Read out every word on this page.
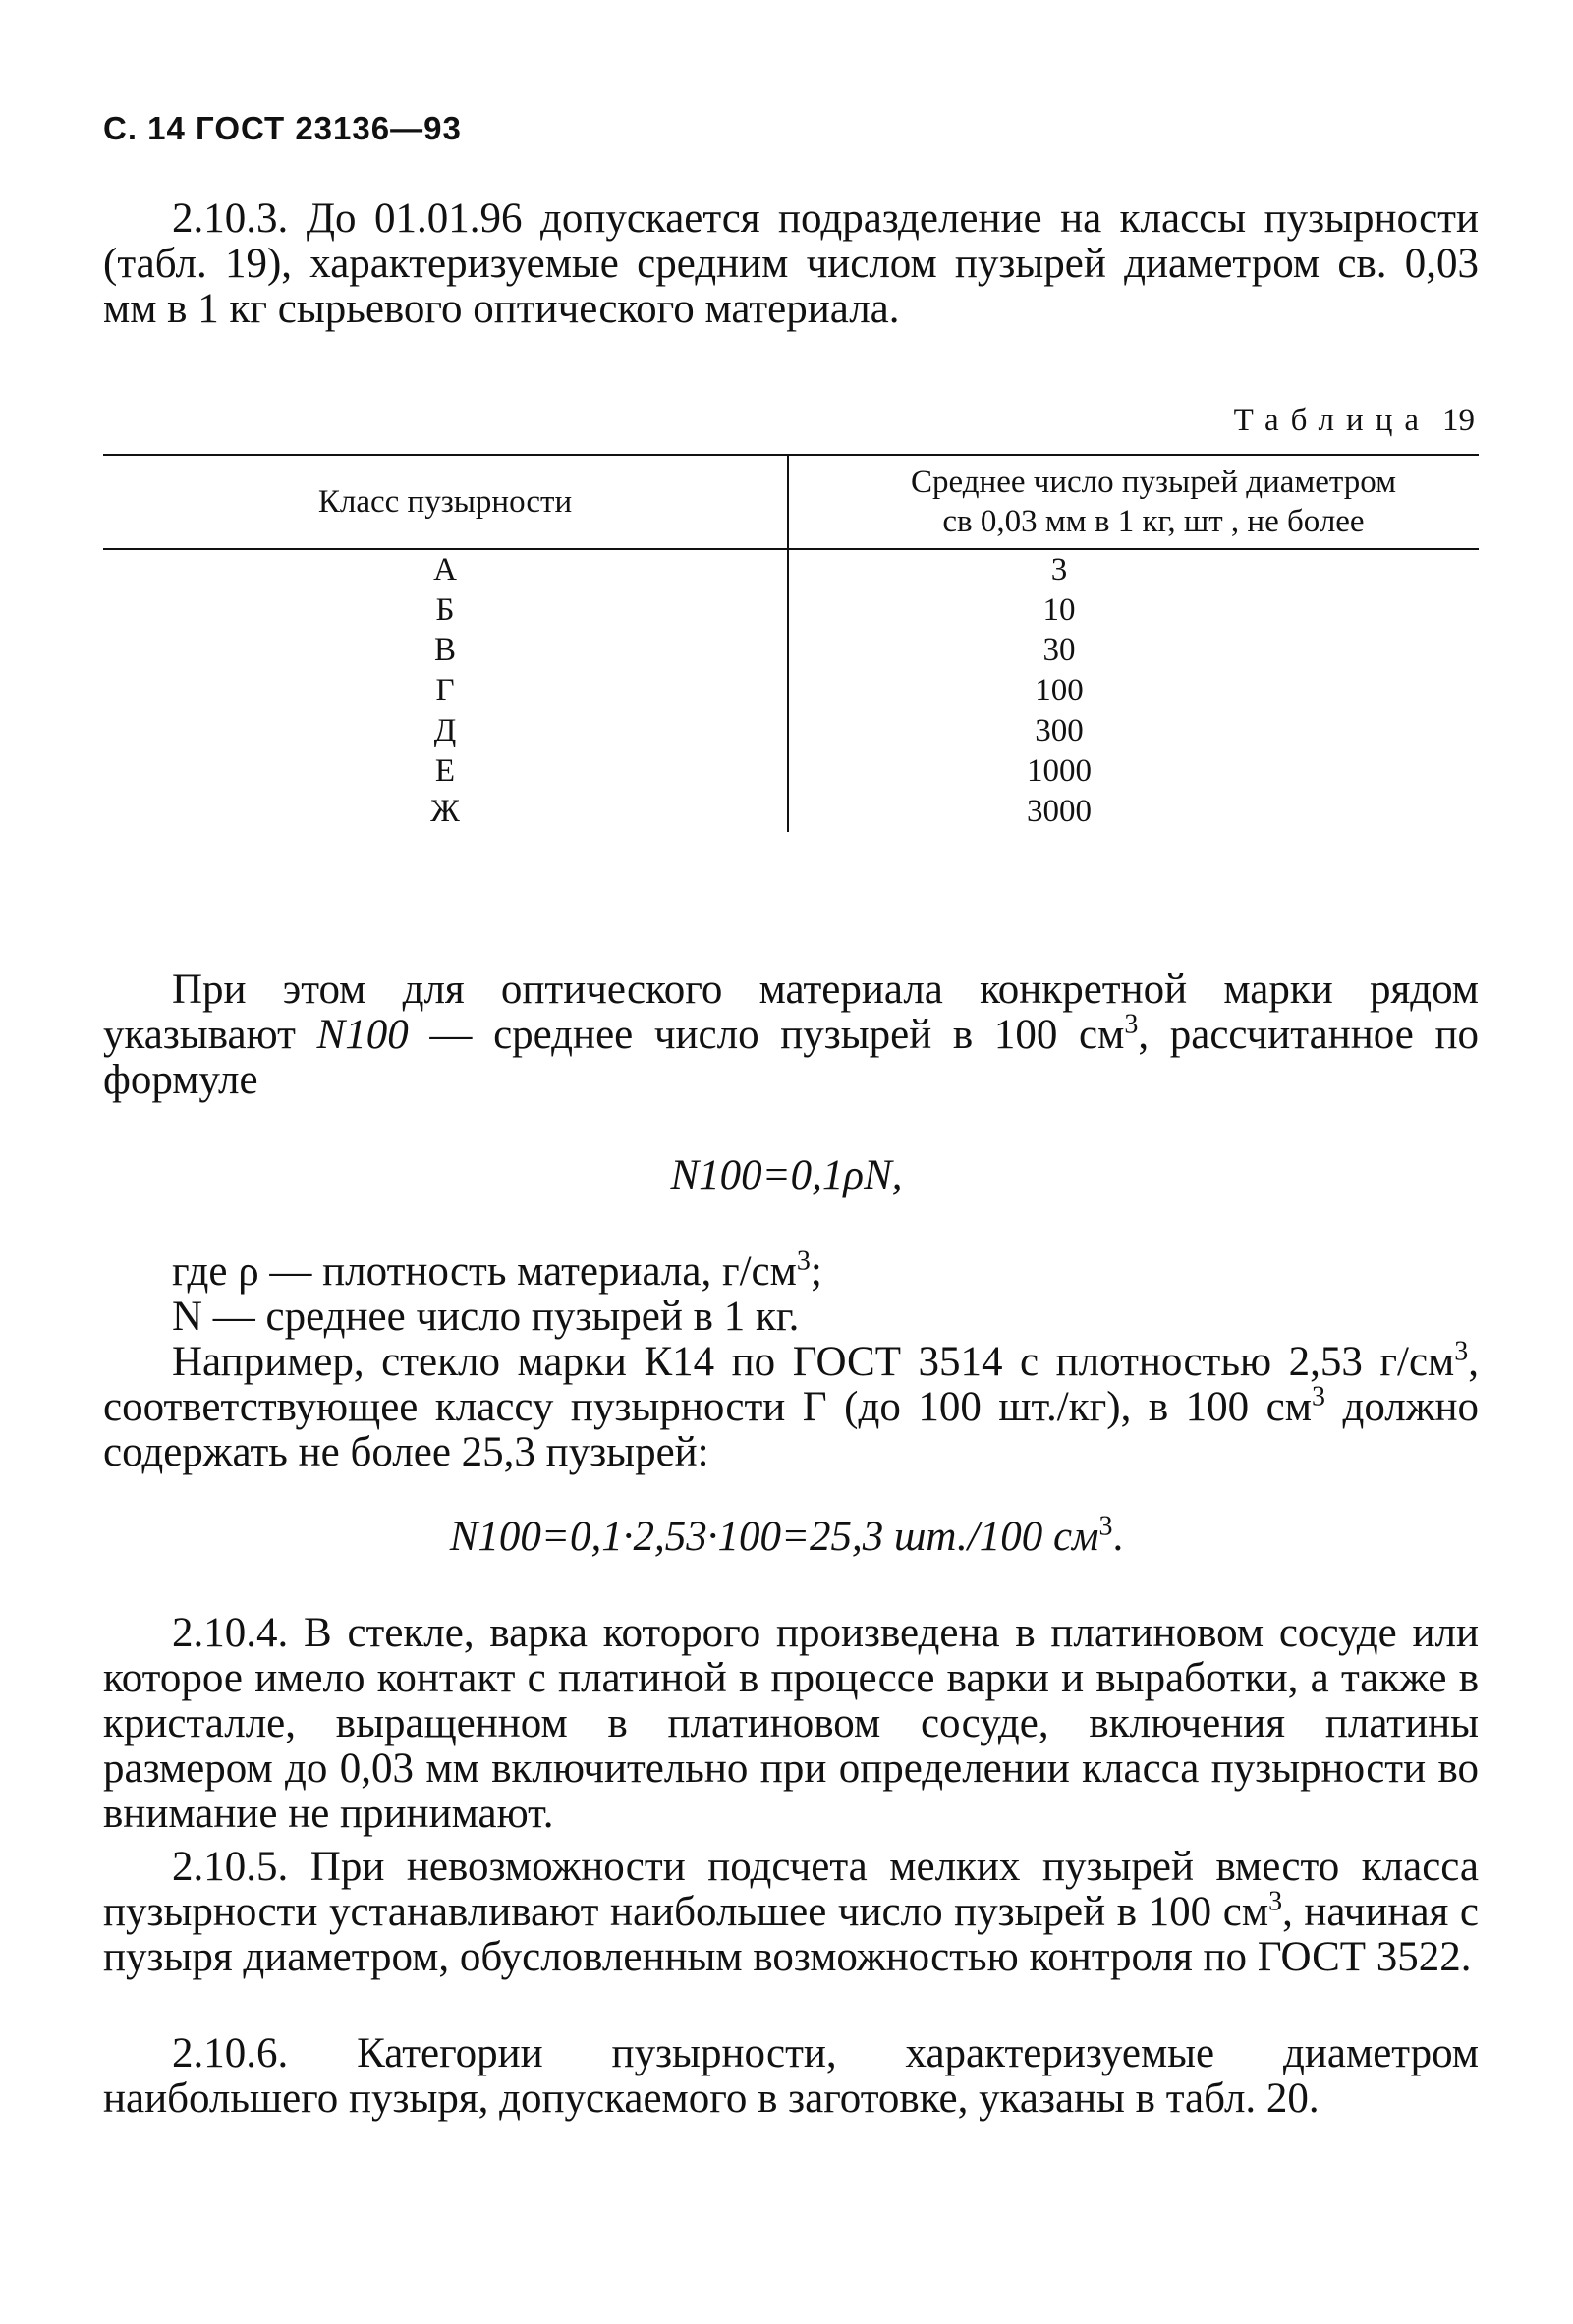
С. 14 ГОСТ 23136—93
2.10.3. До 01.01.96 допускается подразделение на классы пузырности (табл. 19), характеризуемые средним числом пузырей диаметром св. 0,03 мм в 1 кг сырьевого оптического материала.
Таблица 19
Класс пузырности
Среднее число пузырей диаметром
св 0,03 мм в 1 кг, шт , не более
А
Б
В
Г
Д
Е
Ж
3
10
30
100
300
1000
3000
При этом для оптического материала конкретной марки рядом указывают N100 — среднее число пузырей в 100 $см^3$, рассчитанное по формуле
N100=0,1ρN,
где ρ — плотность материала, $г/см^3$;
N — среднее число пузырей в 1 кг.
Например, стекло марки К14 по ГОСТ 3514 с плотностью 2,53 $г/см^3$, соответствующее классу пузырности Г (до 100 шт./кг), в 100 $см^3$ должно содержать не более 25,3 пузырей:
N100=0,1·2,53·100=25,3 шт./100 $см^3$.
2.10.4. В стекле, варка которого произведена в платиновом сосуде или которое имело контакт с платиной в процессе варки и выработки, а также в кристалле, выращенном в платиновом сосуде, включения платины размером до 0,03 мм включительно при определении класса пузырности во внимание не принимают.
2.10.5. При невозможности подсчета мелких пузырей вместо класса пузырности устанавливают наибольшее число пузырей в 100 $см^3$, начиная с пузыря диаметром, обусловленным возможностью контроля по ГОСТ 3522.
2.10.6. Категории пузырности, характеризуемые диаметром наибольшего пузыря, допускаемого в заготовке, указаны в табл. 20.
